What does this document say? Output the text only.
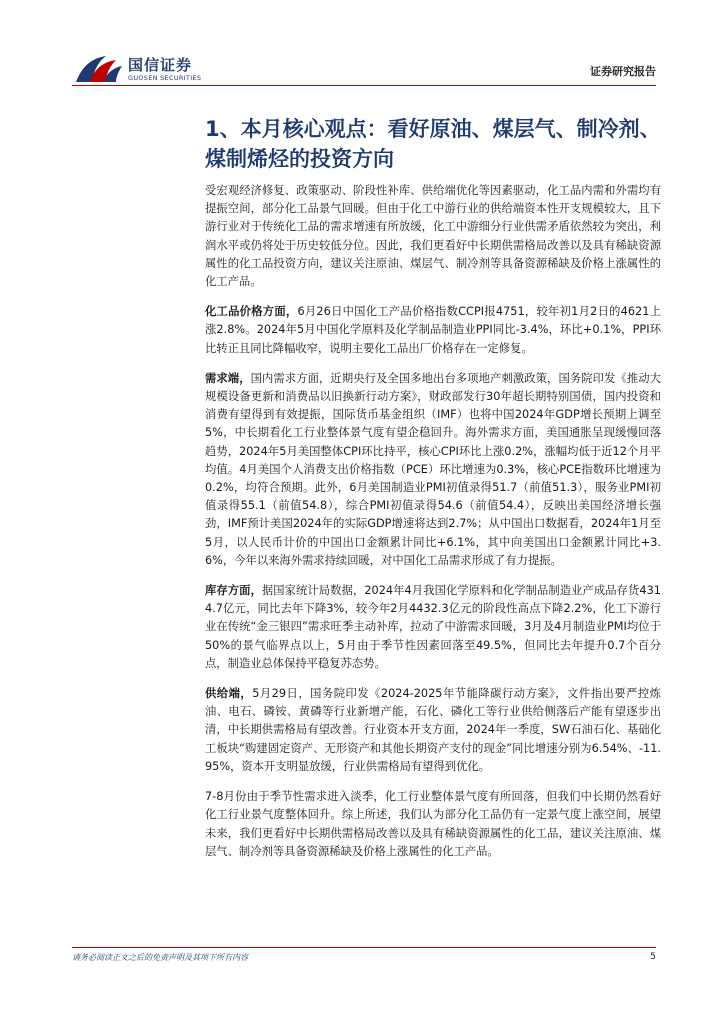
国信证券
GUOSEN SECURITIES	证券研究报告
1、本月核心观点：看好原油、煤层气、制冷剂、煤制烯烃的投资方向

受宏观经济修复、政策驱动、阶段性补库、供给端优化等因素驱动，化工品内需和外需均有提振空间，部分化工品景气回暖。但由于化工中游行业的供给端资本性开支规模较大，且下游行业对于传统化工品的需求增速有所放缓，化工中游细分行业供需矛盾依然较为突出，利润水平或仍将处于历史较低分位。因此，我们更看好中长期供需格局改善以及具有稀缺资源属性的化工品投资方向，建议关注原油、煤层气、制冷剂等具备资源稀缺及价格上涨属性的化工产品。

化工品价格方面，6月26日中国化工产品价格指数CCPI报4751，较年初1月2日的4621上涨2.8%。2024年5月中国化学原料及化学制品制造业PPI同比-3.4%，环比+0.1%，PPI环比转正且同比降幅收窄，说明主要化工品出厂价格存在一定修复。

需求端，国内需求方面，近期央行及全国多地出台多项地产刺激政策，国务院印发《推动大规模设备更新和消费品以旧换新行动方案》，财政部发行30年超长期特别国债，国内投资和消费有望得到有效提振，国际货币基金组织（IMF）也将中国2024年GDP增长预期上调至5%，中长期看化工行业整体景气度有望企稳回升。海外需求方面，美国通胀呈现缓慢回落趋势，2024年5月美国整体CPI环比持平，核心CPI环比上涨0.2%，涨幅均低于近12个月平均值。4月美国个人消费支出价格指数（PCE）环比增速为0.3%，核心PCE指数环比增速为0.2%，均符合预期。此外，6月美国制造业PMI初值录得51.7（前值51.3），服务业PMI初值录得55.1（前值54.8），综合PMI初值录得54.6（前值54.4），反映出美国经济增长强劲，IMF预计美国2024年的实际GDP增速将达到2.7%；从中国出口数据看，2024年1月至5月，以人民币计价的中国出口金额累计同比+6.1%，其中向美国出口金额累计同比+3.6%，今年以来海外需求持续回暖，对中国化工品需求形成了有力提振。

库存方面，据国家统计局数据，2024年4月我国化学原料和化学制品制造业产成品存货4314.7亿元，同比去年下降3%，较今年2月4432.3亿元的阶段性高点下降2.2%，化工下游行业在传统“金三银四”需求旺季主动补库，拉动了中游需求回暖，3月及4月制造业PMI均位于50%的景气临界点以上，5月由于季节性因素回落至49.5%，但同比去年提升0.7个百分点，制造业总体保持平稳复苏态势。

供给端，5月29日，国务院印发《2024-2025年节能降碳行动方案》，文件指出要严控炼油、电石、磷铵、黄磷等行业新增产能，石化、磷化工等行业供给侧落后产能有望逐步出清，中长期供需格局有望改善。行业资本开支方面，2024年一季度，SW石油石化、基础化工板块“购建固定资产、无形资产和其他长期资产支付的现金”同比增速分别为6.54%、-11.95%，资本开支明显放缓，行业供需格局有望得到优化。

7-8月份由于季节性需求进入淡季，化工行业整体景气度有所回落，但我们中长期仍然看好化工行业景气度整体回升。综上所述，我们认为部分化工品仍有一定景气度上涨空间，展望未来，我们更看好中长期供需格局改善以及具有稀缺资源属性的化工品，建议关注原油、煤层气、制冷剂等具备资源稀缺及价格上涨属性的化工产品。

请务必阅读正文之后的免责声明及其项下所有内容	5
